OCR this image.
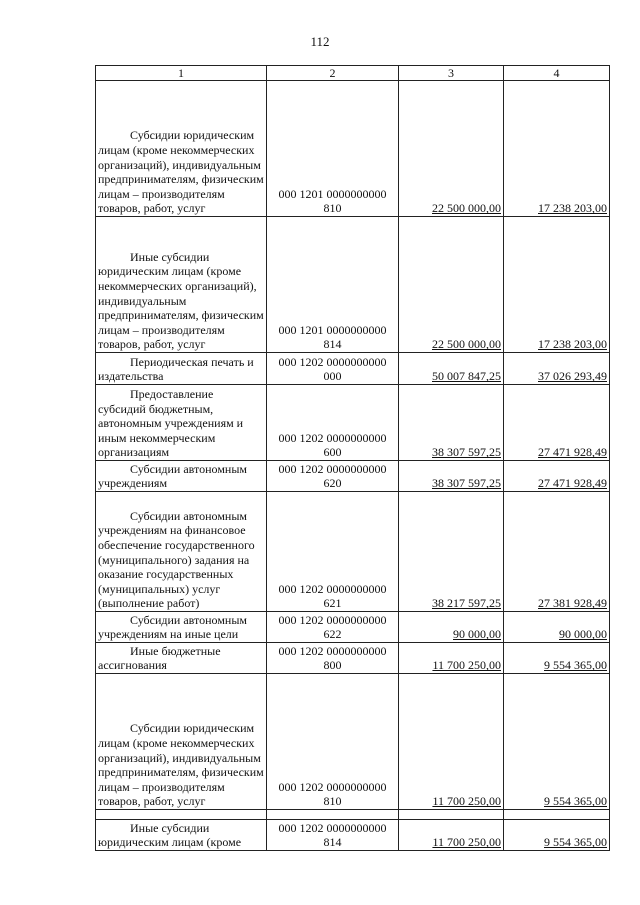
112
1	2	3	4

Субсидии юридическим лицам (кроме некоммерческих организаций), индивидуальным предпринимателям, физическим лицам – производителям товаров, работ, услуг	000 1201 0000000000 810	22 500 000,00	17 238 203,00

Иные субсидии юридическим лицам (кроме некоммерческих организаций), индивидуальным предпринимателям, физическим лицам – производителям товаров, работ, услуг	000 1201 0000000000 814	22 500 000,00	17 238 203,00

Периодическая печать и издательства	000 1202 0000000000 000	50 007 847,25	37 026 293,49

Предоставление субсидий бюджетным, автономным учреждениям и иным некоммерческим организациям	000 1202 0000000000 600	38 307 597,25	27 471 928,49

Субсидии автономным учреждениям	000 1202 0000000000 620	38 307 597,25	27 471 928,49

Субсидии автономным учреждениям на финансовое обеспечение государственного (муниципального) задания на оказание государственных (муниципальных) услуг (выполнение работ)	000 1202 0000000000 621	38 217 597,25	27 381 928,49

Субсидии автономным учреждениям на иные цели	000 1202 0000000000 622	90 000,00	90 000,00

Иные бюджетные ассигнования	000 1202 0000000000 800	11 700 250,00	9 554 365,00

Субсидии юридическим лицам (кроме некоммерческих организаций), индивидуальным предпринимателям, физическим лицам – производителям товаров, работ, услуг	000 1202 0000000000 810	11 700 250,00	9 554 365,00

Иные субсидии юридическим лицам (кроме	000 1202 0000000000 814	11 700 250,00	9 554 365,00
